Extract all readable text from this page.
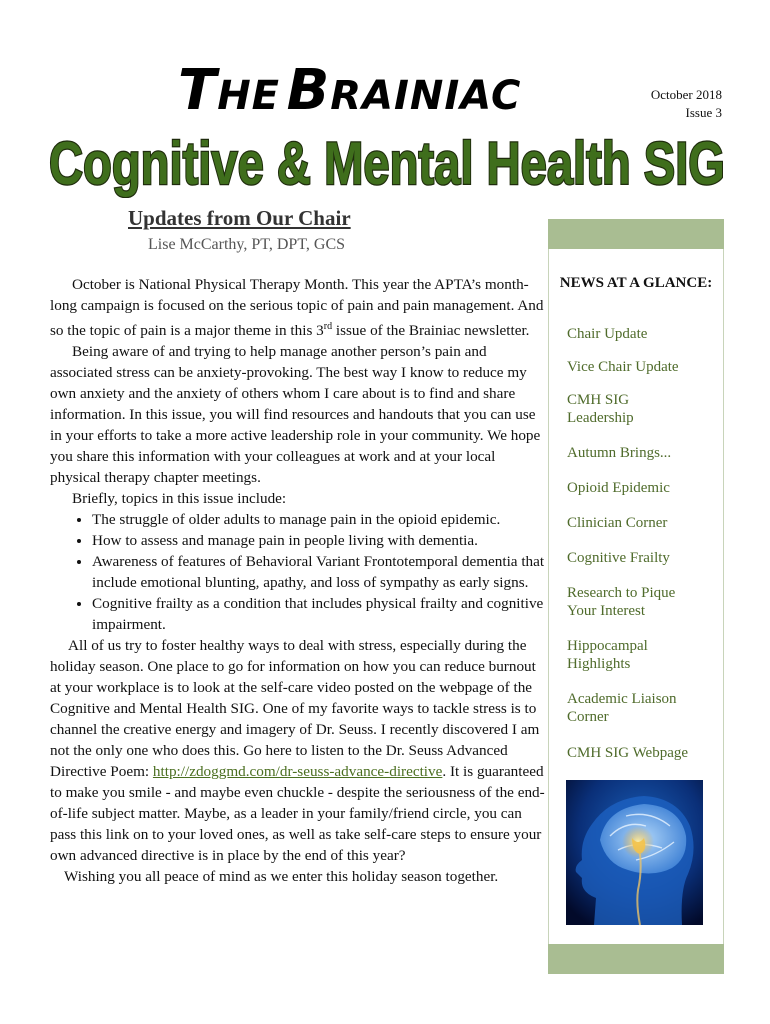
THE BRAINIAC	October 2018
Issue 3
Cognitive & Mental Health SIG
Updates from Our Chair
Lise McCarthy, PT, DPT, GCS

October is National Physical Therapy Month. This year the APTA’s month-long campaign is focused on the serious topic of pain and pain management. And so the topic of pain is a major theme in this 3rd issue of the Brainiac newsletter.

Being aware of and trying to help manage another person’s pain and associated stress can be anxiety-provoking. The best way I know to reduce my own anxiety and the anxiety of others whom I care about is to find and share information. In this issue, you will find resources and handouts that you can use in your efforts to take a more active leadership role in your community. We hope you share this information with your colleagues at work and at your local physical therapy chapter meetings.

Briefly, topics in this issue include:

• The struggle of older adults to manage pain in the opioid epidemic.
• How to assess and manage pain in people living with dementia.
• Awareness of features of Behavioral Variant Frontotemporal dementia that include emotional blunting, apathy, and loss of sympathy as early signs.
• Cognitive frailty as a condition that includes physical frailty and cognitive impairment.

All of us try to foster healthy ways to deal with stress, especially during the holiday season. One place to go for information on how you can reduce burnout at your workplace is to look at the self-care video posted on the webpage of the Cognitive and Mental Health SIG. One of my favorite ways to tackle stress is to channel the creative energy and imagery of Dr. Seuss. I recently discovered I am not the only one who does this. Go here to listen to the Dr. Seuss Advanced Directive Poem: http://zdoggmd.com/dr-seuss-advance-directive. It is guaranteed to make you smile - and maybe even chuckle - despite the seriousness of the end-of-life subject matter. Maybe, as a leader in your family/friend circle, you can pass this link on to your loved ones, as well as take self-care steps to ensure your own advanced directive is in place by the end of this year?

Wishing you all peace of mind as we enter this holiday season together.

NEWS AT A GLANCE:
Chair Update
Vice Chair Update
CMH SIG Leadership
Autumn Brings...
Opioid Epidemic
Clinician Corner
Cognitive Frailty
Research to Pique Your Interest
Hippocampal Highlights
Academic Liaison Corner
CMH SIG Webpage
